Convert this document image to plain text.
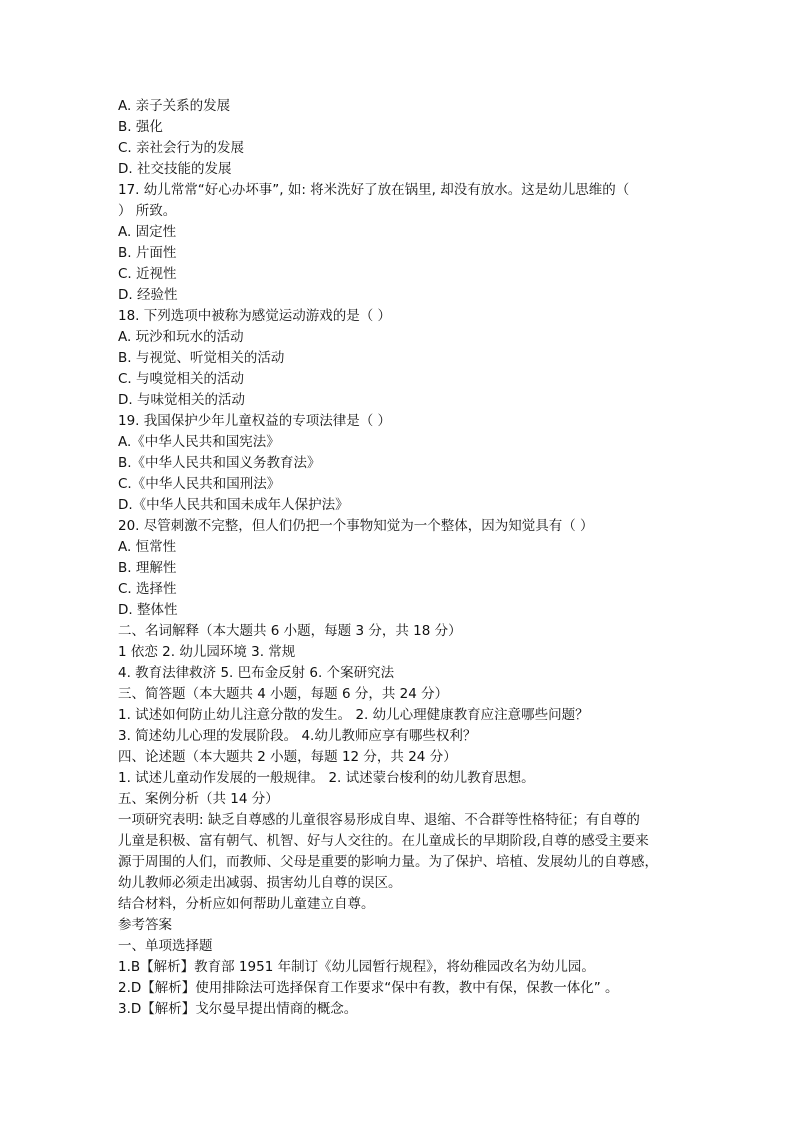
A. 亲子关系的发展
B. 强化
C. 亲社会行为的发展
D. 社交技能的发展
17. 幼儿常常“好心办坏事”, 如: 将米洗好了放在锅里, 却没有放水。这是幼儿思维的（
） 所致。
A. 固定性
B. 片面性
C. 近视性
D. 经验性
18. 下列选项中被称为感觉运动游戏的是（ ）
A. 玩沙和玩水的活动
B. 与视觉、听觉相关的活动
C. 与嗅觉相关的活动
D. 与味觉相关的活动
19. 我国保护少年儿童权益的专项法律是（ ）
A.《中华人民共和国宪法》
B.《中华人民共和国义务教育法》
C.《中华人民共和国刑法》
D.《中华人民共和国未成年人保护法》
20. 尽管刺激不完整，但人们仍把一个事物知觉为一个整体，因为知觉具有（ ）
A. 恒常性
B. 理解性
C. 选择性
D. 整体性
二、名词解释（本大题共 6 小题，每题 3 分，共 18 分）
1 依恋 2. 幼儿园环境 3. 常规
4. 教育法律救济 5. 巴布金反射 6. 个案研究法
三、简答题（本大题共 4 小题，每题 6 分，共 24 分）
1. 试述如何防止幼儿注意分散的发生。 2. 幼儿心理健康教育应注意哪些问题？
3. 简述幼儿心理的发展阶段。 4.幼儿教师应享有哪些权利？
四、论述题（本大题共 2 小题，每题 12 分，共 24 分）
1. 试述儿童动作发展的一般规律。 2. 试述蒙台梭利的幼儿教育思想。
五、案例分析（共 14 分）
一项研究表明: 缺乏自尊感的儿童很容易形成自卑、退缩、不合群等性格特征；有自尊的
儿童是积极、富有朝气、机智、好与人交往的。在儿童成长的早期阶段,自尊的感受主要来
源于周围的人们，而教师、父母是重要的影响力量。为了保护、培植、发展幼儿的自尊感，
幼儿教师必须走出减弱、损害幼儿自尊的误区。
结合材料，分析应如何帮助儿童建立自尊。
参考答案
一、单项选择题
1.B【解析】教育部 1951 年制订《幼儿园暂行规程》，将幼稚园改名为幼儿园。
2.D【解析】使用排除法可选择保育工作要求“保中有教，教中有保，保教一体化” 。
3.D【解析】戈尔曼早提出情商的概念。
